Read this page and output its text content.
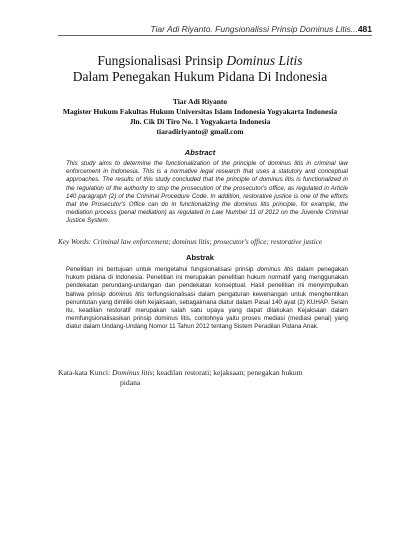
Tiar Adi Riyanto. Fungsionalissi Prinsip Dominus Litis...481
Fungsionalisasi Prinsip Dominus Litis
Dalam Penegakan Hukum Pidana Di Indonesia
Tiar Adi Riyanto
Magister Hukum Fakultas Hukum Universitas Islam Indonesia Yogyakarta Indonesia
Jln. Cik Di Tiro No. 1 Yogyakarta Indonesia
tiaradiriyanto@ gmail.com
Abstract
This study aims to determine the functionalization of the principle of dominus litis in criminal law enforcement in Indonesia. This is a normative legal research that uses a statutory and conceptual approaches. The results of this study concluded that the principle of dominus litis is functionalized in the regulation of the authority to stop the prosecution of the prosecutor's office, as regulated in Article 140 paragraph (2) of the Criminal Procedure Code. In addition, restorative justice is one of the efforts that the Prosecutor's Office can do in functionalizing the dominus litis principle, for example, the mediation process (penal mediation) as regulated in Law Number 11 of 2012 on the Juvenile Criminal Justice System.
Key Words: Criminal law enforcement; dominus litis; prosecutor's office; restorative justice
Abstrak
Penelitian ini bertujuan untuk mengetahui fungsionalisasi prinsip dominus litis dalam penegakan hukum pidana di Indonesia. Penelitian ini merupakan penelitian hukum normatif yang menggunakan pendekatan perundang-undangan dan pendekatan konseptual. Hasil penelitian ini menyimpulkan bahwa prinsip dominus litis terfungsionalisasi dalam pengaturan kewenangan untuk menghentikan penuntutan yang dimiliki oleh kejaksaan, sebagaimana diatur dalam Pasal 140 ayat (2) KUHAP. Selain itu, keadilan restoratif merupakan salah satu upaya yang dapat dilakukan Kejaksaan dalam memfungsionalisasikan prinsip dominus litis, contohnya yaitu proses mediasi (mediasi penal) yang diatur dalam Undang-Undang Nomor 11 Tahun 2012 tentang Sistem Peradilan Pidana Anak.
Kata-kata Kunci: Dominus litis; keadilan restorati; kejaksaan; penegakan hukum
pidana
